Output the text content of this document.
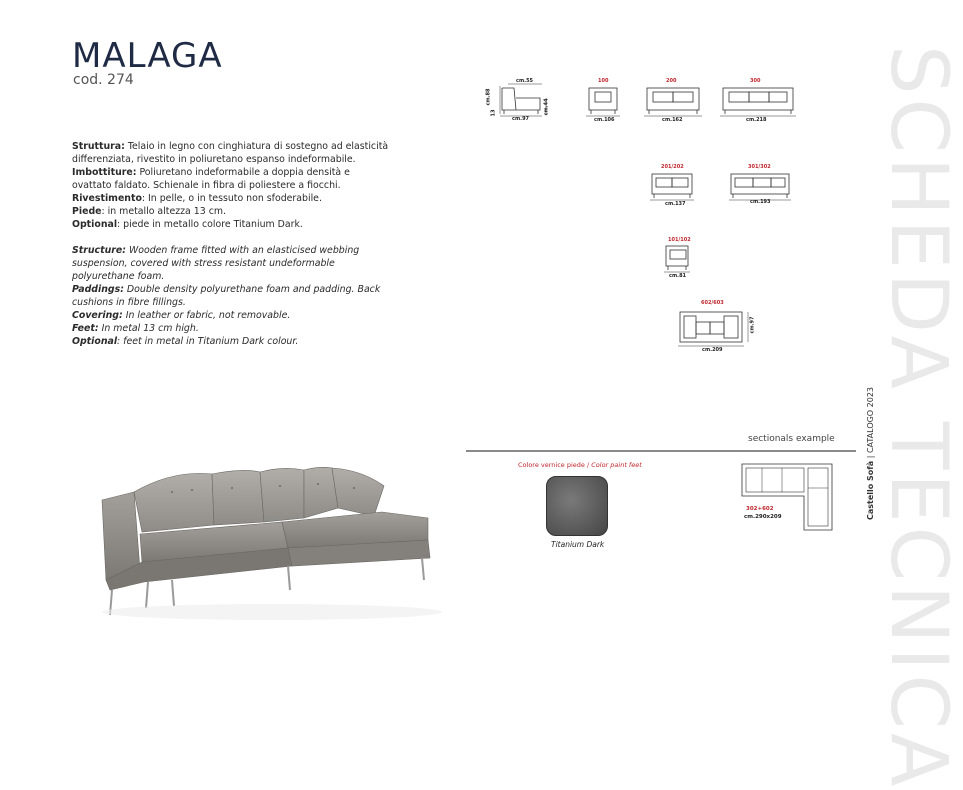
MALAGA
cod. 274

Struttura: Telaio in legno con cinghiatura di sostegno ad elasticità differenziata, rivestito in poliuretano espanso indeformabile.

Imbottiture: Poliuretano indeformabile a doppia densità e ovattato faldato. Schienale in fibra di poliestere a fiocchi.

Rivestimento: In pelle, o in tessuto non sfoderabile.

Piede: in metallo altezza 13 cm.

Optional: piede in metallo colore Titanium Dark.

Structure: Wooden frame fitted with an elasticised webbing suspension, covered with stress resistant undeformable polyurethane foam.

Paddings: Double density polyurethane foam and padding. Back cushions in fibre fillings.

Covering: In leather or fabric, not removable.

Feet: In metal 13 cm high.

Optional: feet in metal in Titanium Dark colour.

cm.55
cm.97
cm.88
13	cm.44
100
cm.106
200
cm.162
300
cm.218
201/202
cm.137
301/302
cm.193
101/102
cm.81
602/603
cm.209
cm.97
sectionals example
Colore vernice piede / Color paint feet
Titanium Dark
302+602
cm.290x209	Castello Sofà | CATALOGO 2023
SCHEDA TECNICA
